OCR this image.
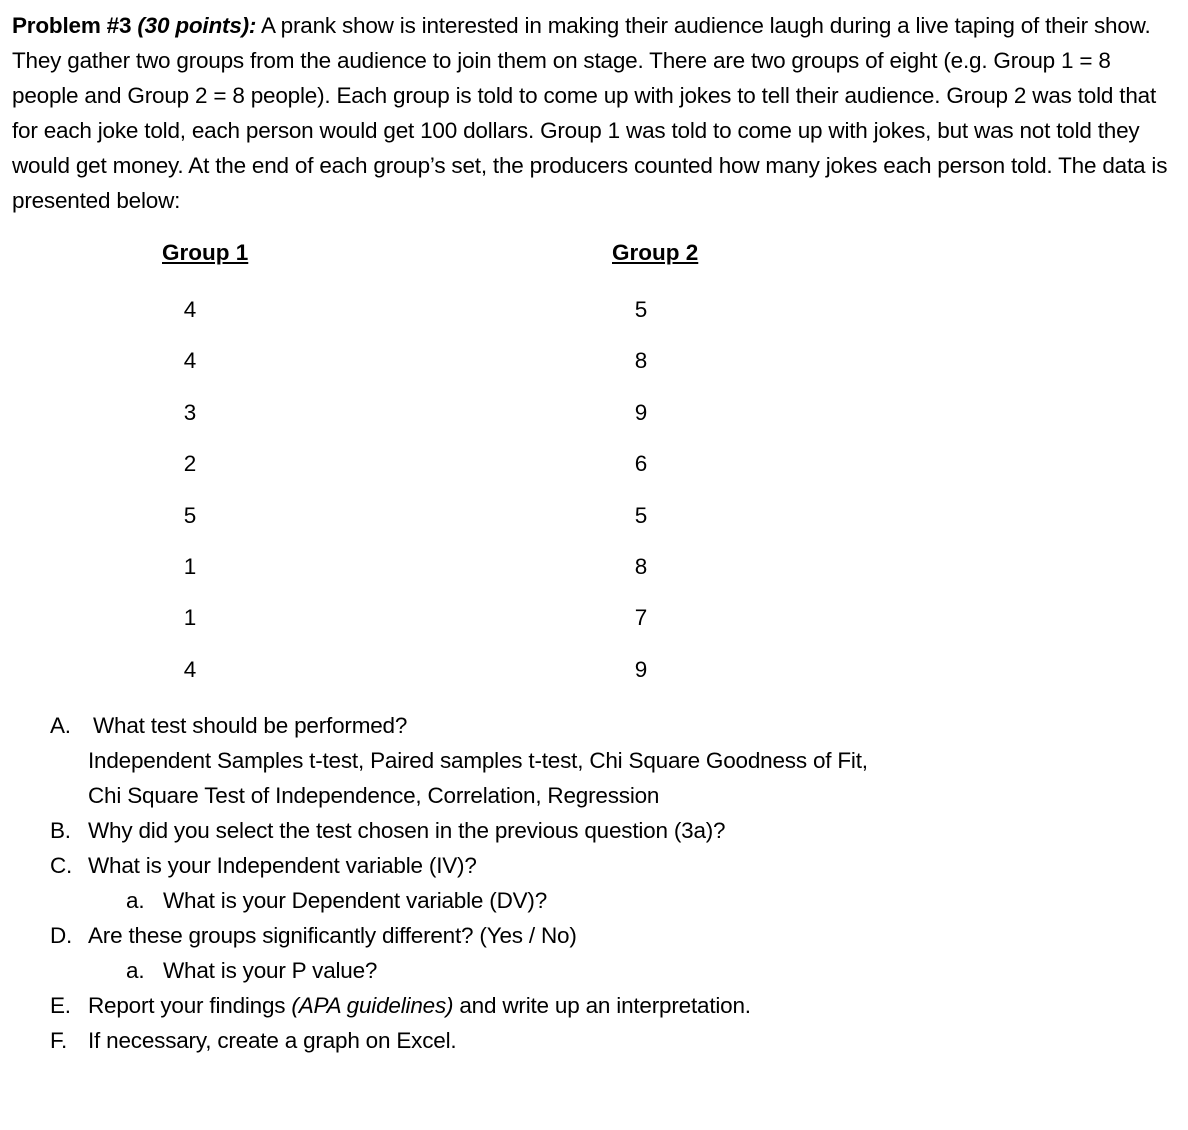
Problem #3 (30 points): A prank show is interested in making their audience laugh during a live taping of their show. They gather two groups from the audience to join them on stage. There are two groups of eight (e.g. Group 1 = 8 people and Group 2 = 8 people). Each group is told to come up with jokes to tell their audience. Group 2 was told that for each joke told, each person would get 100 dollars. Group 1 was told to come up with jokes, but was not told they would get money. At the end of each group’s set, the producers counted how many jokes each person told. The data is presented below:
Group 1	Group 2
4
4
3
2
5
1
1
4
5
8
9
6
5
8
7
9
A. What test should be performed?
Independent Samples t-test, Paired samples t-test, Chi Square Goodness of Fit,
Chi Square Test of Independence, Correlation, Regression
B. Why did you select the test chosen in the previous question (3a)?
C. What is your Independent variable (IV)?
a. What is your Dependent variable (DV)?
D. Are these groups significantly different? (Yes / No)
a. What is your P value?
E. Report your findings (APA guidelines) and write up an interpretation.
F. If necessary, create a graph on Excel.
